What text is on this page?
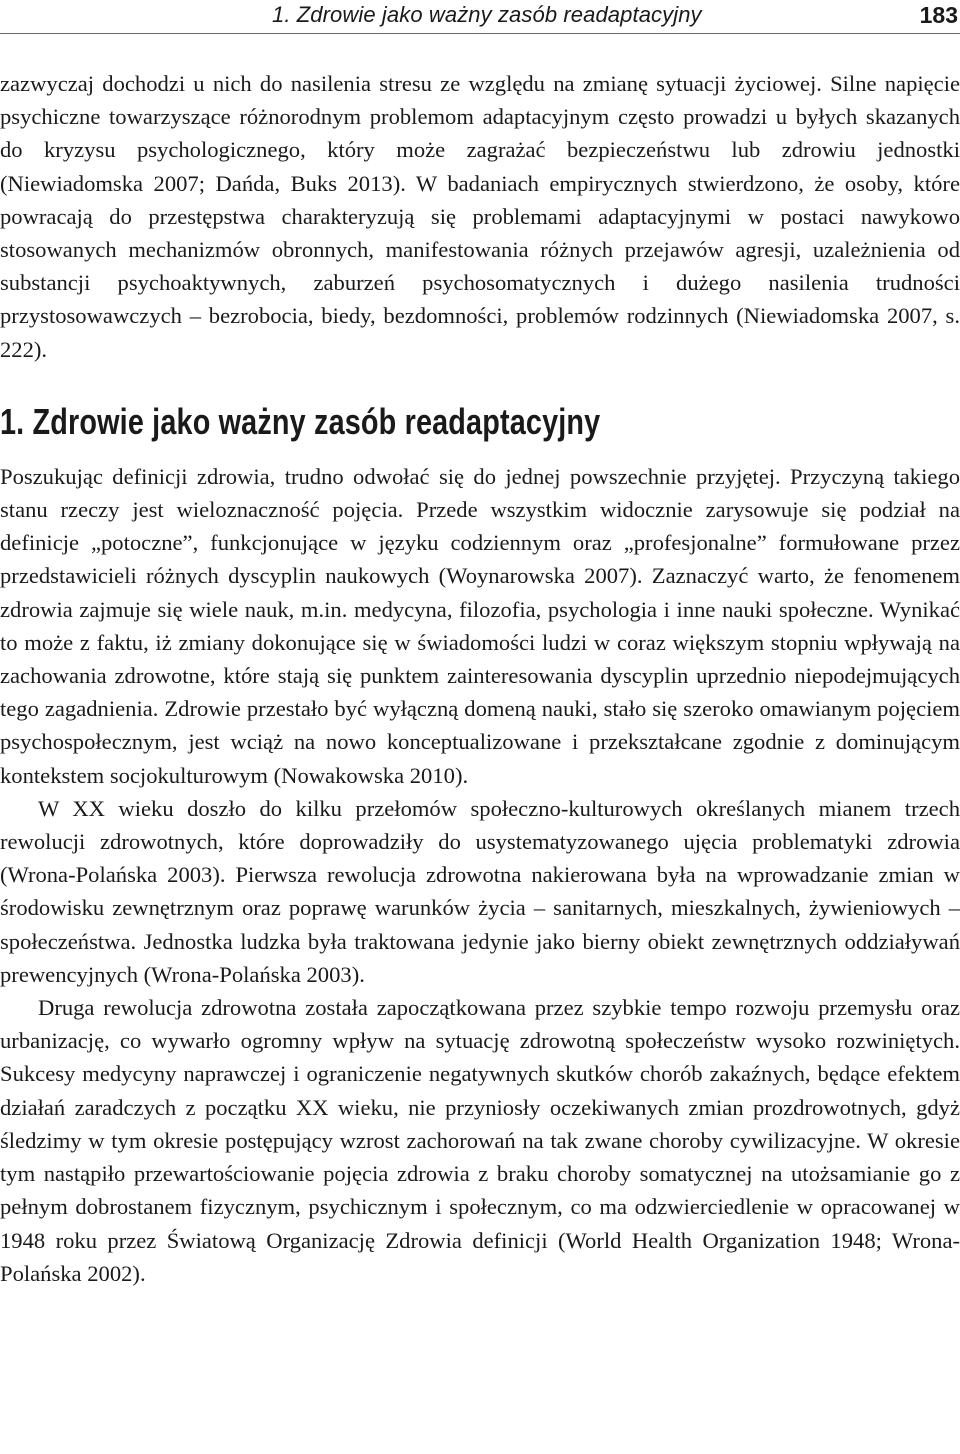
1. Zdrowie jako ważny zasób readaptacyjny	183

zazwyczaj dochodzi u nich do nasilenia stresu ze względu na zmianę sytuacji życiowej. Silne napięcie psychiczne towarzyszące różnorodnym problemom adaptacyjnym często prowadzi u byłych skazanych do kryzysu psychologicznego, który może zagrażać bezpieczeństwu lub zdrowiu jednostki (Niewiadomska 2007; Dańda, Buks 2013). W badaniach empirycznych stwierdzono, że osoby, które powracają do przestępstwa charakteryzują się problemami adaptacyjnymi w postaci nawykowo stosowanych mechanizmów obronnych, manifestowania różnych przejawów agresji, uzależnienia od substancji psychoaktywnych, zaburzeń psychosomatycznych i dużego nasilenia trudności przystosowawczych – bezrobocia, biedy, bezdomności, problemów rodzinnych (Niewiadomska 2007, s. 222).

1. Zdrowie jako ważny zasób readaptacyjny

Poszukując definicji zdrowia, trudno odwołać się do jednej powszechnie przyjętej. Przyczyną takiego stanu rzeczy jest wieloznaczność pojęcia. Przede wszystkim widocznie zarysowuje się podział na definicje „potoczne”, funkcjonujące w języku codziennym oraz „profesjonalne” formułowane przez przedstawicieli różnych dyscyplin naukowych (Woynarowska 2007). Zaznaczyć warto, że fenomenem zdrowia zajmuje się wiele nauk, m.in. medycyna, filozofia, psychologia i inne nauki społeczne. Wynikać to może z faktu, iż zmiany dokonujące się w świadomości ludzi w coraz większym stopniu wpływają na zachowania zdrowotne, które stają się punktem zainteresowania dyscyplin uprzednio niepodejmujących tego zagadnienia. Zdrowie przestało być wyłączną domeną nauki, stało się szeroko omawianym pojęciem psychospołecznym, jest wciąż na nowo konceptualizowane i przekształcane zgodnie z dominującym kontekstem socjokulturowym (Nowakowska 2010).

W XX wieku doszło do kilku przełomów społeczno-kulturowych określanych mianem trzech rewolucji zdrowotnych, które doprowadziły do usystematyzowanego ujęcia problematyki zdrowia (Wrona-Polańska 2003). Pierwsza rewolucja zdrowotna nakierowana była na wprowadzanie zmian w środowisku zewnętrznym oraz poprawę warunków życia – sanitarnych, mieszkalnych, żywieniowych – społeczeństwa. Jednostka ludzka była traktowana jedynie jako bierny obiekt zewnętrznych oddziaływań prewencyjnych (Wrona-Polańska 2003).

Druga rewolucja zdrowotna została zapoczątkowana przez szybkie tempo rozwoju przemysłu oraz urbanizację, co wywarło ogromny wpływ na sytuację zdrowotną społeczeństw wysoko rozwiniętych. Sukcesy medycyny naprawczej i ograniczenie negatywnych skutków chorób zakaźnych, będące efektem działań zaradczych z początku XX wieku, nie przyniosły oczekiwanych zmian prozdrowotnych, gdyż śledzimy w tym okresie postępujący wzrost zachorowań na tak zwane choroby cywilizacyjne. W okresie tym nastąpiło przewartościowanie pojęcia zdrowia z braku choroby somatycznej na utożsamianie go z pełnym dobrostanem fizycznym, psychicznym i społecznym, co ma odzwierciedlenie w opracowanej w 1948 roku przez Światową Organizację Zdrowia definicji (World Health Organization 1948; Wrona-Polańska 2002).
